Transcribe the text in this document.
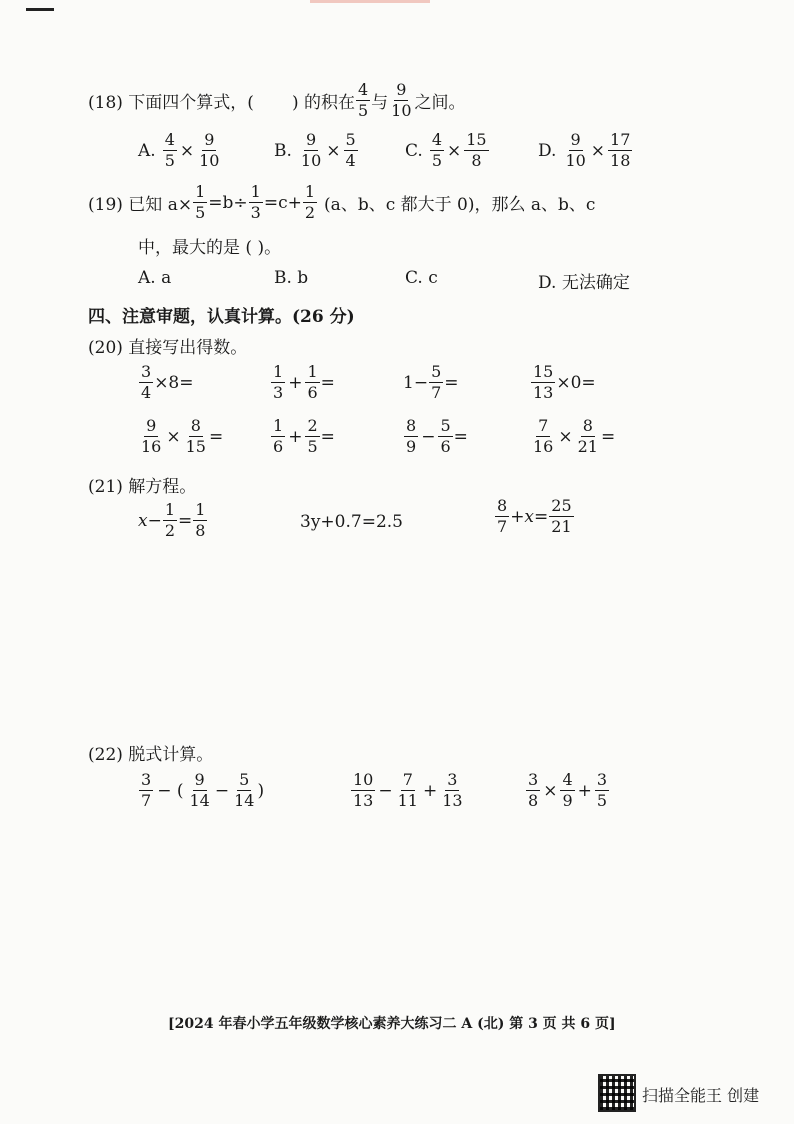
(18) 下面四个算式，( ) 的积在 $\frac{4}{5}$ 与 $\frac{9}{10}$ 之间。
A. $\frac{4}{5} \times \frac{9}{10}$	B. $\frac{9}{10} \times \frac{5}{4}$	C. $\frac{4}{5} \times \frac{15}{8}$	D. $\frac{9}{10} \times \frac{17}{18}$
(19) 已知 $a\times \frac{1}{5} =b\div \frac{1}{3} =c+ \frac{1}{2} (a$、b、c 都大于 0)，那么 a、b、c
中，最大的是 ( )。
A. a	B. b	C. c	D. 无法确定
四、注意审题，认真计算。(26 分)
(20) 直接写出得数。
$\frac{3}{4} \times 8=$	$\frac{1}{3} + \frac{1}{6}$ =	$1- \frac{5}{7}$ =	$\frac{15}{13} \times 0=$
$\frac{9}{16} \times \frac{8}{15}$ =	$\frac{1}{6} + \frac{2}{5}$ =	$\frac{8}{9} - \frac{5}{6}$ =	$\frac{7}{16} \times \frac{8}{21}$ =
(21) 解方程。
$x- \frac{1}{2} = \frac{1}{8}$	3y+0.7=2.5	$\frac{8}{7} +x= \frac{25}{21}$
(22) 脱式计算。
$\frac{3}{7}$ − ( $\frac{9}{14} - \frac{5}{14}$ )	$\frac{10}{13} - \frac{7}{11} + \frac{3}{13}$	$\frac{3}{8} \times \frac{4}{9} + \frac{3}{5}$
[2024 年春小学五年级数学核心素养大练习二 A (北) 第 3 页 共 6 页]
扫描全能王 创建
